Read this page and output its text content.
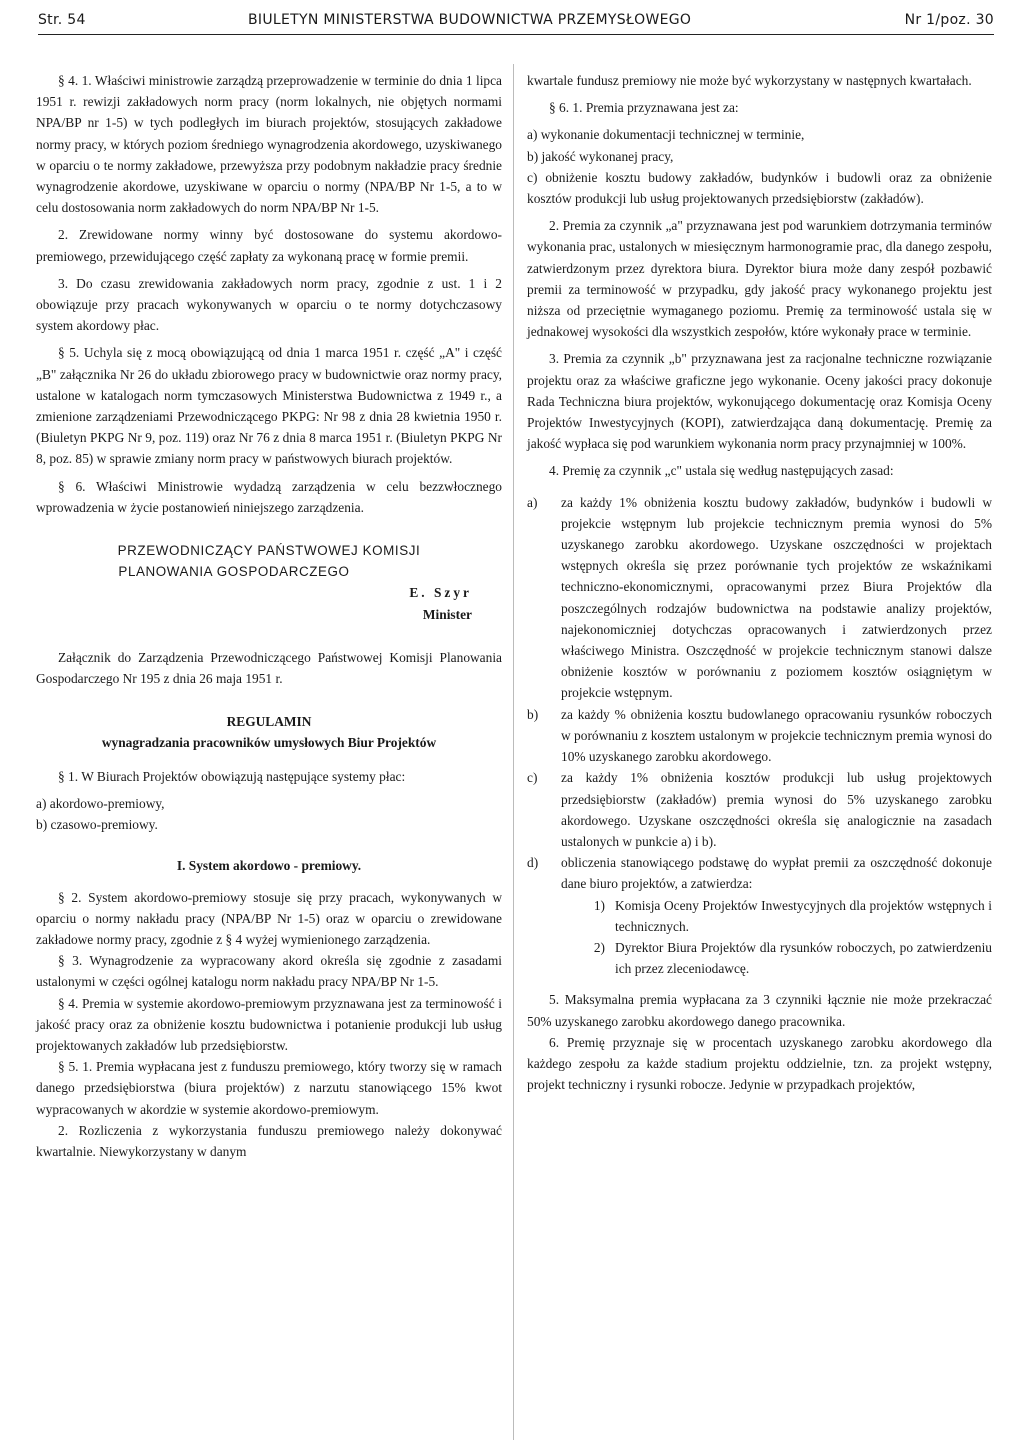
Str. 54	BIULETYN MINISTERSTWA BUDOWNICTWA PRZEMYSŁOWEGO	Nr 1/poz. 30

§ 4. 1. Właściwi ministrowie zarządzą przeprowadzenie w terminie do dnia 1 lipca 1951 r. rewizji zakładowych norm pracy (norm lokalnych, nie objętych normami NPA/BP nr 1-5) w tych podległych im biurach projektów, stosujących zakładowe normy pracy, w których poziom średniego wynagrodzenia akordowego, uzyskiwanego w oparciu o te normy zakładowe, przewyższa przy podobnym nakładzie pracy średnie wynagrodzenie akordowe, uzyskiwane w oparciu o normy (NPA/BP Nr 1-5, a to w celu dostosowania norm zakładowych do norm NPA/BP Nr 1-5.

2. Zrewidowane normy winny być dostosowane do systemu akordowo-premiowego, przewidującego część zapłaty za wykonaną pracę w formie premii.

3. Do czasu zrewidowania zakładowych norm pracy, zgodnie z ust. 1 i 2 obowiązuje przy pracach wykonywanych w oparciu o te normy dotychczasowy system akordowy płac.

§ 5. Uchyla się z mocą obowiązującą od dnia 1 marca 1951 r. część „A" i część „B" załącznika Nr 26 do układu zbiorowego pracy w budownictwie oraz normy pracy, ustalone w katalogach norm tymczasowych Ministerstwa Budownictwa z 1949 r., a zmienione zarządzeniami Przewodniczącego PKPG: Nr 98 z dnia 28 kwietnia 1950 r. (Biuletyn PKPG Nr 9, poz. 119) oraz Nr 76 z dnia 8 marca 1951 r. (Biuletyn PKPG Nr 8, poz. 85) w sprawie zmiany norm pracy w państwowych biurach projektów.

§ 6. Właściwi Ministrowie wydadzą zarządzenia w celu bezzwłocznego wprowadzenia w życie postanowień niniejszego zarządzenia.

PRZEWODNICZĄCY PAŃSTWOWEJ KOMISJI

PLANOWANIA GOSPODARCZEGO

E. Szyr

Minister

Załącznik do Zarządzenia Przewodniczącego Państwowej Komisji Planowania Gospodarczego Nr 195 z dnia 26 maja 1951 r.

REGULAMIN

wynagradzania pracowników umysłowych Biur Projektów

§ 1. W Biurach Projektów obowiązują następujące systemy płac:

a) akordowo-premiowy,

b) czasowo-premiowy.

I. System akordowo - premiowy.

§ 2. System akordowo-premiowy stosuje się przy pracach, wykonywanych w oparciu o normy nakładu pracy (NPA/BP Nr 1-5) oraz w oparciu o zrewidowane zakładowe normy pracy, zgodnie z § 4 wyżej wymienionego zarządzenia.

§ 3. Wynagrodzenie za wypracowany akord określa się zgodnie z zasadami ustalonymi w części ogólnej katalogu norm nakładu pracy NPA/BP Nr 1-5.

§ 4. Premia w systemie akordowo-premiowym przyznawana jest za terminowość i jakość pracy oraz za obniżenie kosztu budownictwa i potanienie produkcji lub usług projektowanych zakładów lub przedsiębiorstw.

§ 5. 1. Premia wypłacana jest z funduszu premiowego, który tworzy się w ramach danego przedsiębiorstwa (biura projektów) z narzutu stanowiącego 15% kwot wypracowanych w akordzie w systemie akordowo-premiowym.

2. Rozliczenia z wykorzystania funduszu premiowego należy dokonywać kwartalnie. Niewykorzystany w danym

kwartale fundusz premiowy nie może być wykorzystany w następnych kwartałach.

§ 6. 1. Premia przyznawana jest za:

a) wykonanie dokumentacji technicznej w terminie,

b) jakość wykonanej pracy,

c) obniżenie kosztu budowy zakładów, budynków i budowli oraz za obniżenie kosztów produkcji lub usług projektowanych przedsiębiorstw (zakładów).

2. Premia za czynnik „a" przyznawana jest pod warunkiem dotrzymania terminów wykonania prac, ustalonych w miesięcznym harmonogramie prac, dla danego zespołu, zatwierdzonym przez dyrektora biura. Dyrektor biura może dany zespół pozbawić premii za terminowość w przypadku, gdy jakość pracy wykonanego projektu jest niższa od przeciętnie wymaganego poziomu. Premię za terminowość ustala się w jednakowej wysokości dla wszystkich zespołów, które wykonały prace w terminie.

3. Premia za czynnik „b" przyznawana jest za racjonalne techniczne rozwiązanie projektu oraz za właściwe graficzne jego wykonanie. Oceny jakości pracy dokonuje Rada Techniczna biura projektów, wykonującego dokumentację oraz Komisja Oceny Projektów Inwestycyjnych (KOPI), zatwierdzająca daną dokumentację. Premię za jakość wypłaca się pod warunkiem wykonania norm pracy przynajmniej w 100%.

4. Premię za czynnik „c" ustala się według następujących zasad:

a)	za każdy 1% obniżenia kosztu budowy zakładów, budynków i budowli w projekcie wstępnym lub projekcie technicznym premia wynosi do 5% uzyskanego zarobku akordowego. Uzyskane oszczędności w projektach wstępnych określa się przez porównanie tych projektów ze wskaźnikami techniczno-ekonomicznymi, opracowanymi przez Biura Projektów dla poszczególnych rodzajów budownictwa na podstawie analizy projektów, najekonomiczniej dotychczas opracowanych i zatwierdzonych przez właściwego Ministra. Oszczędność w projekcie technicznym stanowi dalsze obniżenie kosztów w porównaniu z poziomem kosztów osiągniętym w projekcie wstępnym.
b)	za każdy % obniżenia kosztu budowlanego opracowaniu rysunków roboczych w porównaniu z kosztem ustalonym w projekcie technicznym premia wynosi do 10% uzyskanego zarobku akordowego.
c)	za każdy 1% obniżenia kosztów produkcji lub usług projektowych przedsiębiorstw (zakładów) premia wynosi do 5% uzyskanego zarobku akordowego. Uzyskane oszczędności określa się analogicznie na zasadach ustalonych w punkcie a) i b).
d)	obliczenia stanowiącego podstawę do wypłat premii za oszczędność dokonuje dane biuro projektów, a zatwierdza:
1) Komisja Oceny Projektów Inwestycyjnych dla projektów wstępnych i technicznych.
2) Dyrektor Biura Projektów dla rysunków roboczych, po zatwierdzeniu ich przez zleceniodawcę.

5. Maksymalna premia wypłacana za 3 czynniki łącznie nie może przekraczać 50% uzyskanego zarobku akordowego danego pracownika.

6. Premię przyznaje się w procentach uzyskanego zarobku akordowego dla każdego zespołu za każde stadium projektu oddzielnie, tzn. za projekt wstępny, projekt techniczny i rysunki robocze. Jedynie w przypadkach projektów,
